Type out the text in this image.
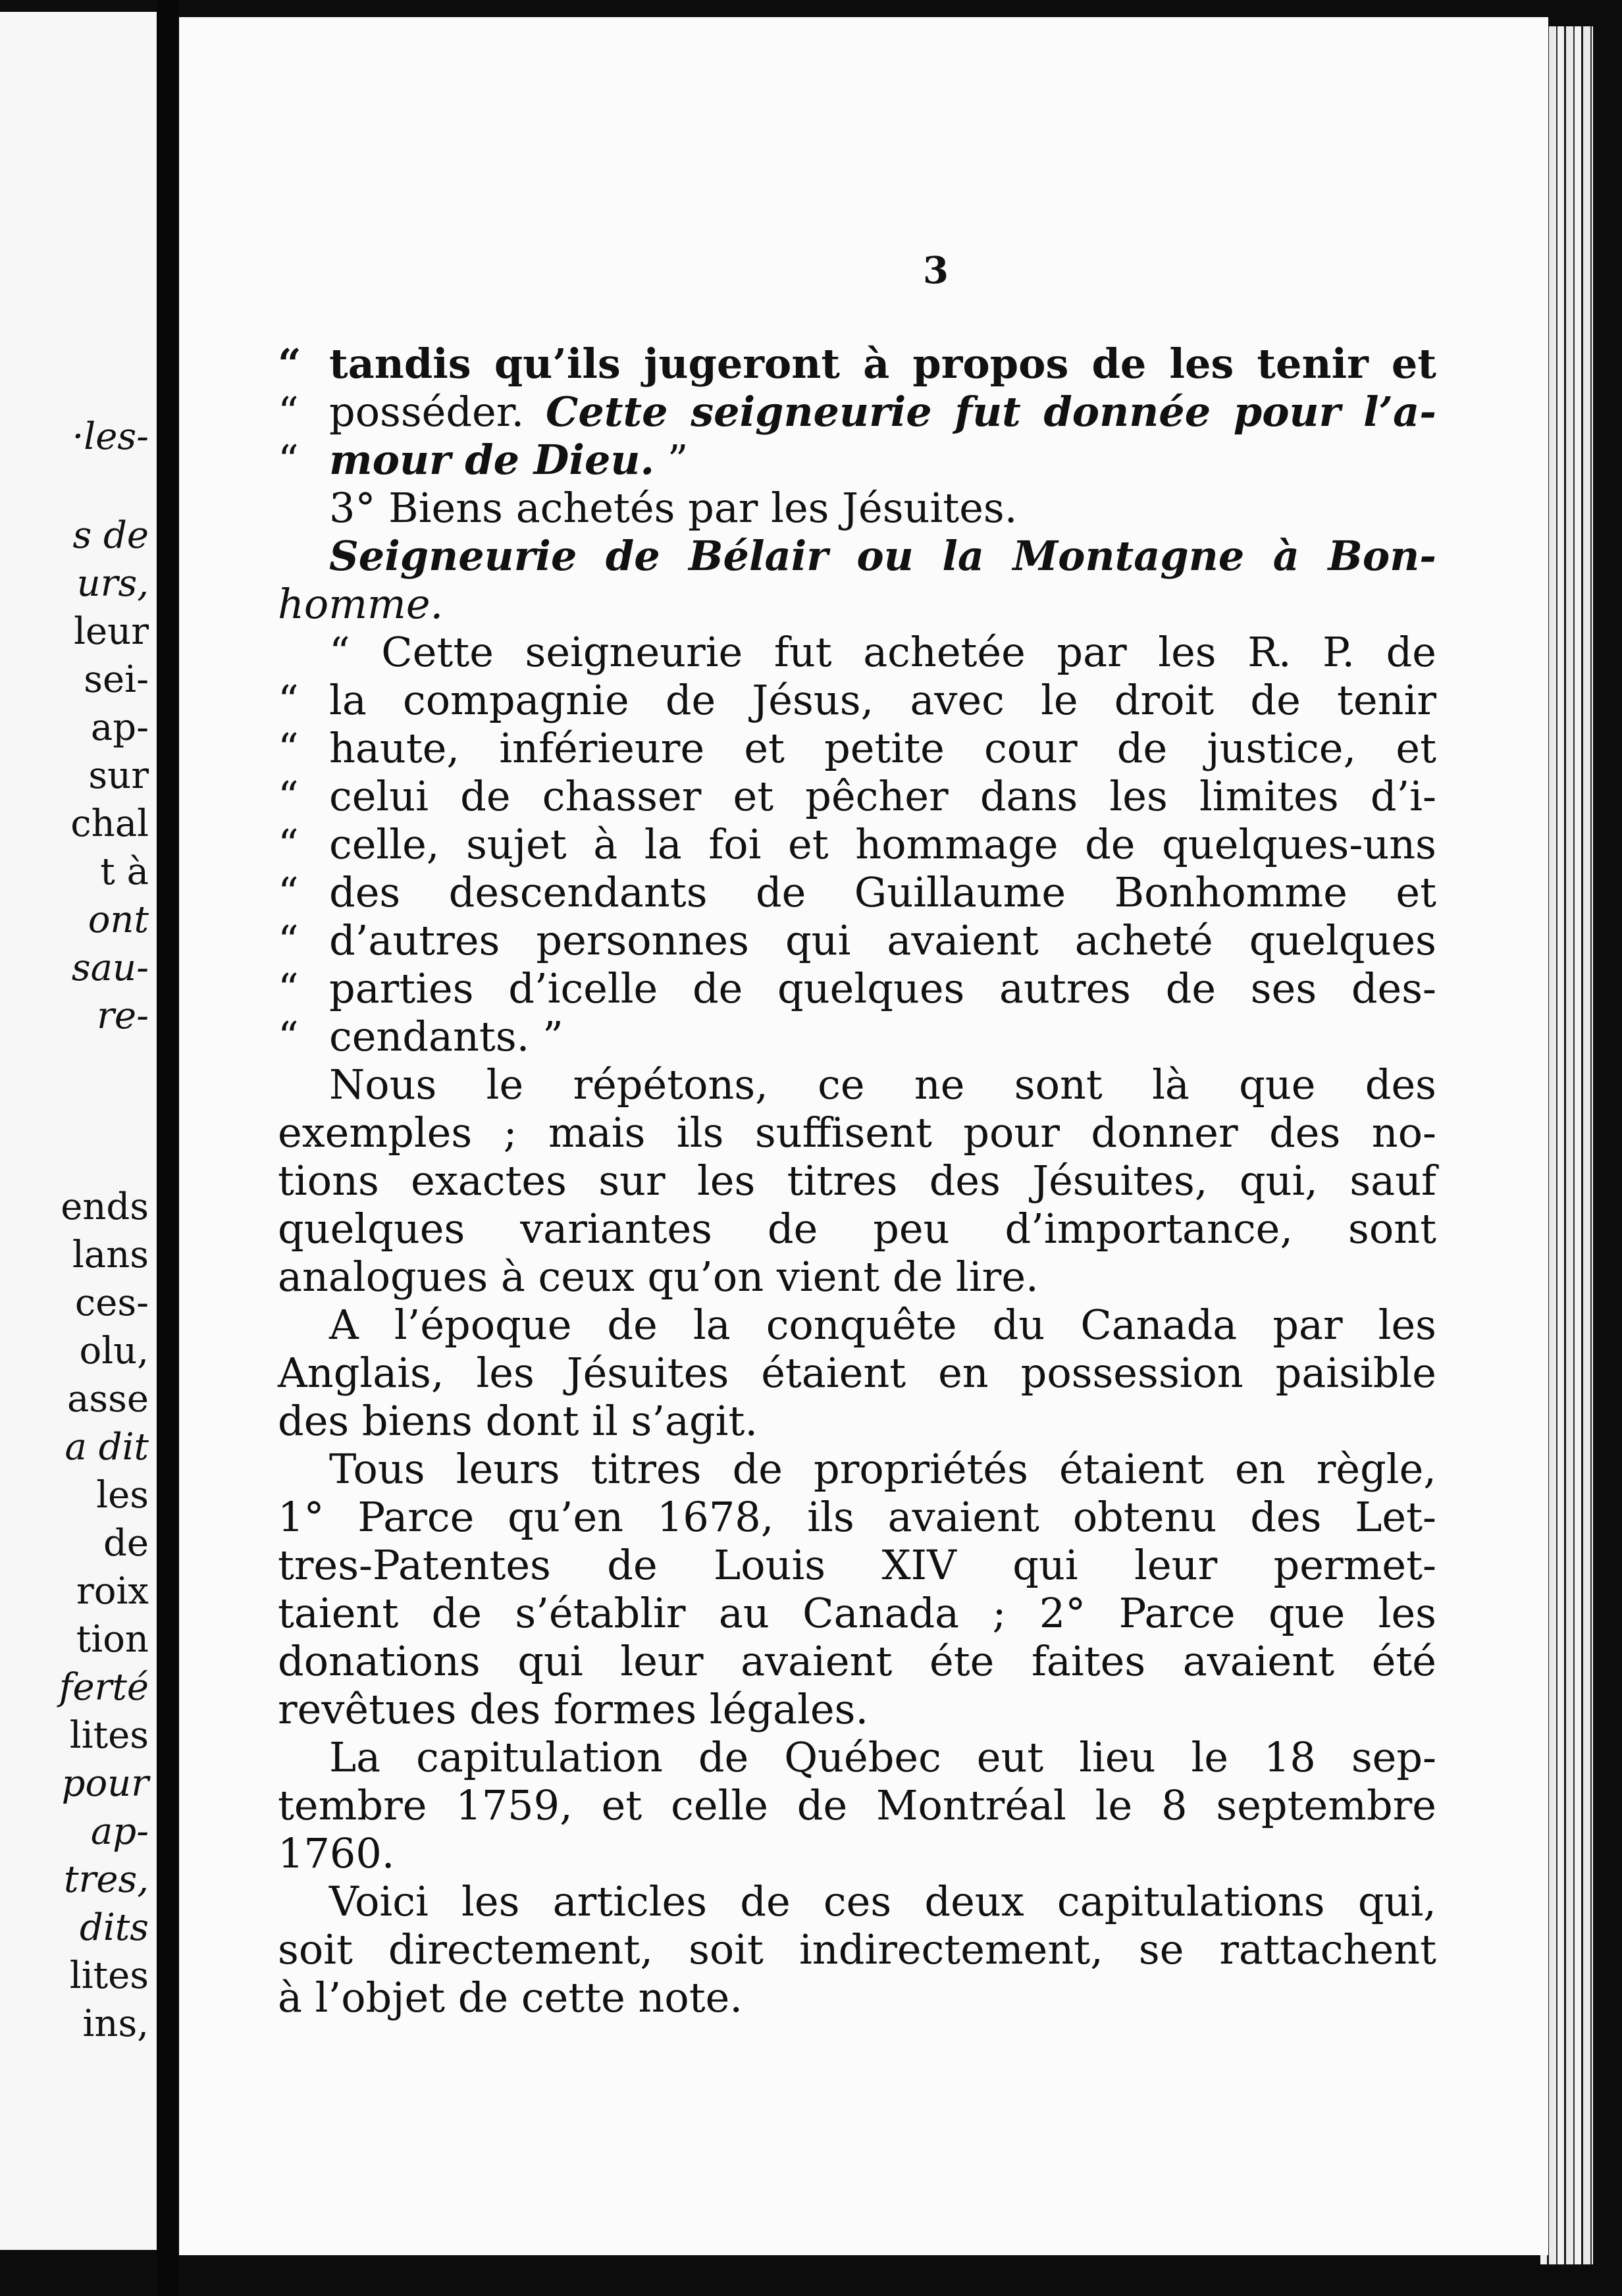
·les-
s de
urs,
leur
sei-
ap-
sur
chal
t à
ont
sau-
re-
ends
lans
ces-
olu,
asse
a dit
les
de
roix
tion
ferté
lites
pour
ap-
tres,
dits
lites
ins,
3
“ tandis qu’ils jugeront à propos de les tenir et
“ posséder. Cette seigneurie fut donnée pour l’a-
“ mour de Dieu. ”
3° Biens achetés par les Jésuites.
Seigneurie de Bélair ou la Montagne à Bon-
homme.
“ Cette seigneurie fut achetée par les R. P. de
“ la compagnie de Jésus, avec le droit de tenir
“ haute, inférieure et petite cour de justice, et
“ celui de chasser et pêcher dans les limites d’i-
“ celle, sujet à la foi et hommage de quelques-uns
“ des descendants de Guillaume Bonhomme et
“ d’autres personnes qui avaient acheté quelques
“ parties d’icelle de quelques autres de ses des-
“ cendants. ”
Nous le répétons, ce ne sont là que des
exemples ; mais ils suffisent pour donner des no-
tions exactes sur les titres des Jésuites, qui, sauf
quelques variantes de peu d’importance, sont
analogues à ceux qu’on vient de lire.
A l’époque de la conquête du Canada par les
Anglais, les Jésuites étaient en possession paisible
des biens dont il s’agit.
Tous leurs titres de propriétés étaient en règle,
1° Parce qu’en 1678, ils avaient obtenu des Let-
tres-Patentes de Louis XIV qui leur permet-
taient de s’établir au Canada ; 2° Parce que les
donations qui leur avaient éte faites avaient été
revêtues des formes légales.
La capitulation de Québec eut lieu le 18 sep-
tembre 1759, et celle de Montréal le 8 septembre
1760.
Voici les articles de ces deux capitulations qui,
soit directement, soit indirectement, se rattachent
à l’objet de cette note.
